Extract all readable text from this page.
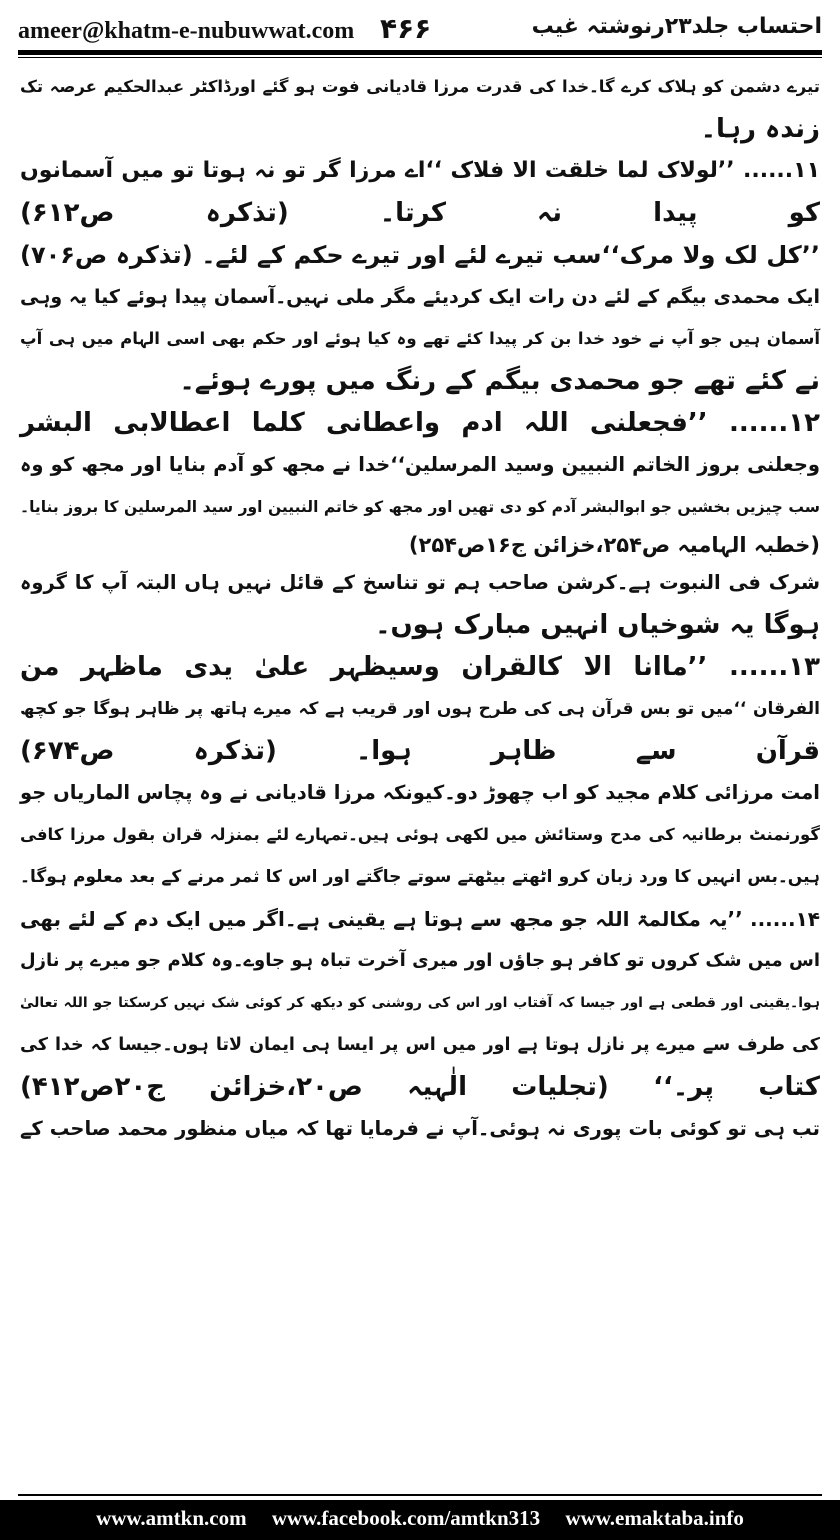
ameer@khatm-e-nubuwwat.com ۴۶۶	احتساب جلد۲۳رنوشتہ غیب
تیرے دشمن کو ہلاک کرے گا۔خدا کی قدرت مرزا قادیانی فوت ہو گئے اورڈاکٹر عبدالحکیم عرصہ تک
زندہ رہا۔
۱۱...... ’’لولاک لما خلقت الا فلاک ‘‘اے مرزا گر تو نہ ہوتا تو میں آسمانوں
کو پیدا نہ کرتا۔ (تذکرہ ص۶۱۲)
’’کل لک ولا مرک‘‘سب تیرے لئے اور تیرے حکم کے لئے۔ (تذکرہ ص۷۰۶)
ایک محمدی بیگم کے لئے دن رات ایک کردیئے مگر ملی نہیں۔آسمان پیدا ہوئے کیا یہ وہی
آسمان ہیں جو آپ نے خود خدا بن کر پیدا کئے تھے وہ کیا ہوئے اور حکم بھی اسی الہام میں ہی آپ
نے کئے تھے جو محمدی بیگم کے رنگ میں پورے ہوئے۔
۱۲...... ’’فجعلنی اللہ ادم واعطانی کلما اعطالابی البشر
وجعلنی بروز الخاتم النبیین وسید المرسلین‘‘خدا نے مجھ کو آدم بنایا اور مجھ کو وہ
سب چیزیں بخشیں جو ابوالبشر آدم کو دی تھیں اور مجھ کو خاتم النبیین اور سید المرسلین کا بروز بنایا۔
(خطبہ الہامیہ ص۲۵۴،خزائن ج۱۶ص۲۵۴)
شرک فی النبوت ہے۔کرشن صاحب ہم تو تناسخ کے قائل نہیں ہاں البتہ آپ کا گروہ
ہوگا یہ شوخیاں انہیں مبارک ہوں۔
۱۳...... ’’ماانا الا کالقران وسیظہر علیٰ یدی ماظہر من
الفرقان ‘‘میں تو بس قرآن ہی کی طرح ہوں اور قریب ہے کہ میرے ہاتھ پر ظاہر ہوگا جو کچھ
قرآن سے ظاہر ہوا۔ (تذکرہ ص۶۷۴)
امت مرزائی کلام مجید کو اب چھوڑ دو۔کیونکہ مرزا قادیانی نے وہ پچاس الماریاں جو
گورنمنٹ برطانیہ کی مدح وستائش میں لکھی ہوئی ہیں۔تمہارے لئے بمنزلہ قران بقول مرزا کافی
ہیں۔بس انہیں کا ورد زبان کرو اٹھتے بیٹھتے سوتے جاگتے اور اس کا ثمر مرنے کے بعد معلوم ہوگا۔
۱۴...... ’’یہ مکالمۃ اللہ جو مجھ سے ہوتا ہے یقینی ہے۔اگر میں ایک دم کے لئے بھی
اس میں شک کروں تو کافر ہو جاؤں اور میری آخرت تباہ ہو جاوے۔وہ کلام جو میرے پر نازل
ہوا۔یقینی اور قطعی ہے اور جیسا کہ آفتاب اور اس کی روشنی کو دیکھ کر کوئی شک نہیں کرسکتا جو اللہ تعالیٰ
کی طرف سے میرے پر نازل ہوتا ہے اور میں اس پر ایسا ہی ایمان لاتا ہوں۔جیسا کہ خدا کی
کتاب پر۔‘‘ (تجلیات الٰہیہ ص۲۰،خزائن ج۲۰ص۴۱۲)
تب ہی تو کوئی بات پوری نہ ہوئی۔آپ نے فرمایا تھا کہ میاں منظور محمد صاحب کے
www.amtkn.com www.facebook.com/amtkn313 www.emaktaba.info
